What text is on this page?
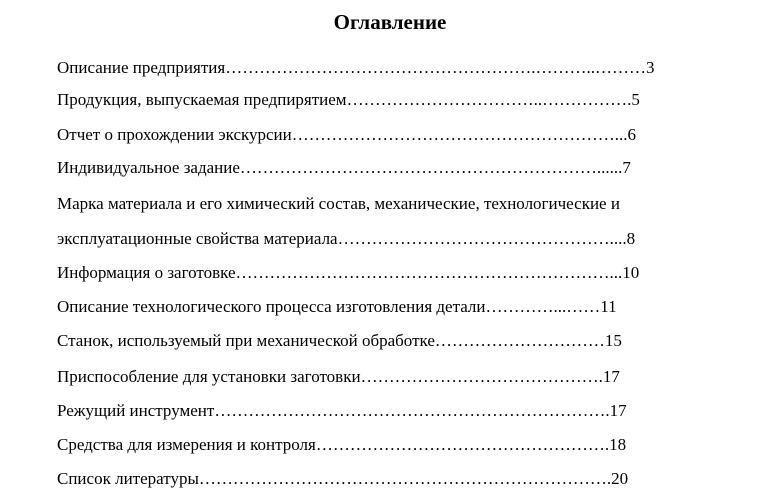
Оглавление
Описание предприятия……………………………………………….………..………3
Продукция, выпускаемая предпирятием……………………………..…………….5
Отчет о прохождении экскурсии…………………………………………………...6
Индивидуальное задание………………………………………………………......7
Марка материала и его химический состав, механические, технологические и
эксплуатационные свойства материала…………………………………………....8
Информация о заготовке…………………………………………………………...10
Описание технологического процесса изготовления детали…………...……11
Станок, используемый при механической обработке…………………………15
Приспособление для установки заготовки…………………………………….17
Режущий инструмент…………………………………………………………….17
Средства для измерения и контроля…………………………………………….18
Список литературы……………………………………………………………….20
